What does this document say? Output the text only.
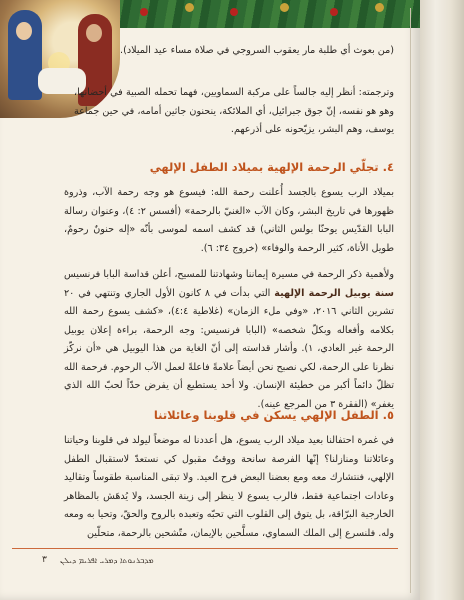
(من بعوث أي طلبة مار يعقوب السروجي في صلاة مساء عيد الميلاد).

وترجمته: أنظر إليه جالساً على مركبة السماويين، فهما تحمله الصبية في أحضانها، وهو هو نفسه، إنّ جوق جبرائيل، أي الملائكة، ينحنون جاثين أمامه، في حين جماعة يوسف، وهم البشر، يزيّحونه على أذرعهم.

٤. تجلّي الرحمة الإلهية بميلاد الطفل الإلهي

بميلاد الرب يسوع بالجسد أُعلنت رحمة الله: فيسوع هو وجه رحمة الآب، وذروة ظهورها في تاريخ البشر، وكان الآب «الغنيّ بالرحمة» (أفسس ٢: ٤)، وعنوان رسالة البابا القدّيس يوحنّا بولس الثاني) قد كشف اسمه لموسى بأنّه «إله حنونٌ رحومٌ، طويل الأناة، كثير الرحمة والوفاء» (خروج ٣٤: ٦).

ولأهمية ذكر الرحمة في مسيرة إيماننا وشهادتنا للمسيح، أعلن قداسة البابا فرنسيس سنة يوبيل الرحمة الإلهية التي بدأت في ٨ كانون الأول الجاري وتنتهي في ٢٠ تشرين الثاني ٢٠١٦، «وفي ملء الزمان» (غلاطية ٤:٤)، «كشف يسوع رحمة الله بكلامه وأفعاله وبكلّ شخصه» (البابا فرنسيس: وجه الرحمة، براءة إعلان يوبيل الرحمة غير العادي، ١). وأشار قداسته إلى أنّ الغاية من هذا اليوبيل هي «أن نركّز نظرنا على الرحمة، لكي نصبح نحن أيضاً علامةً فاعلةً لعمل الآب الرحوم. فرحمة الله تظلّ دائماً أكبر من خطيئة الإنسان. ولا أحد يستطيع أن يفرض حدّاً لحبّ الله الذي يغفر» (الفقرة ٣ من المرجع عينه).

٥. الطفل الإلهي يسكن في قلوبنا وعائلاتنا

في غمرة احتفالنا بعيد ميلاد الرب يسوع، هل أعددنا له موضعاً ليولد في قلوبنا وحياتنا وعائلاتنا ومنازلنا؟ إنّها الفرصة سانحة ووقتٌ مقبول كي نستعدّ لاستقبال الطفل الإلهي، فنتشارك معه ومع بعضنا البعض فرح العيد. ولا تبقى المناسبة طقوساً وتقاليد وعادات اجتماعية فقط، فالرب يسوع لا ينظر إلى زينة الجسد، ولا يُدهَش بالمظاهر الخارجية البرّاقة، بل يتوق إلى القلوب التي تحبّه وتعبده بالروح والحقّ، وتحيا به ومعه وله. فلنسرع إلى الملك السماوي، مسلَّحين بالإيمان، متّشحين بالرحمة، متحلّين

٣ ܡܕܒܪܢܘܬܐ ܕܡܪܝ ܐܦܪܝܡ ܕܝܠܢ
